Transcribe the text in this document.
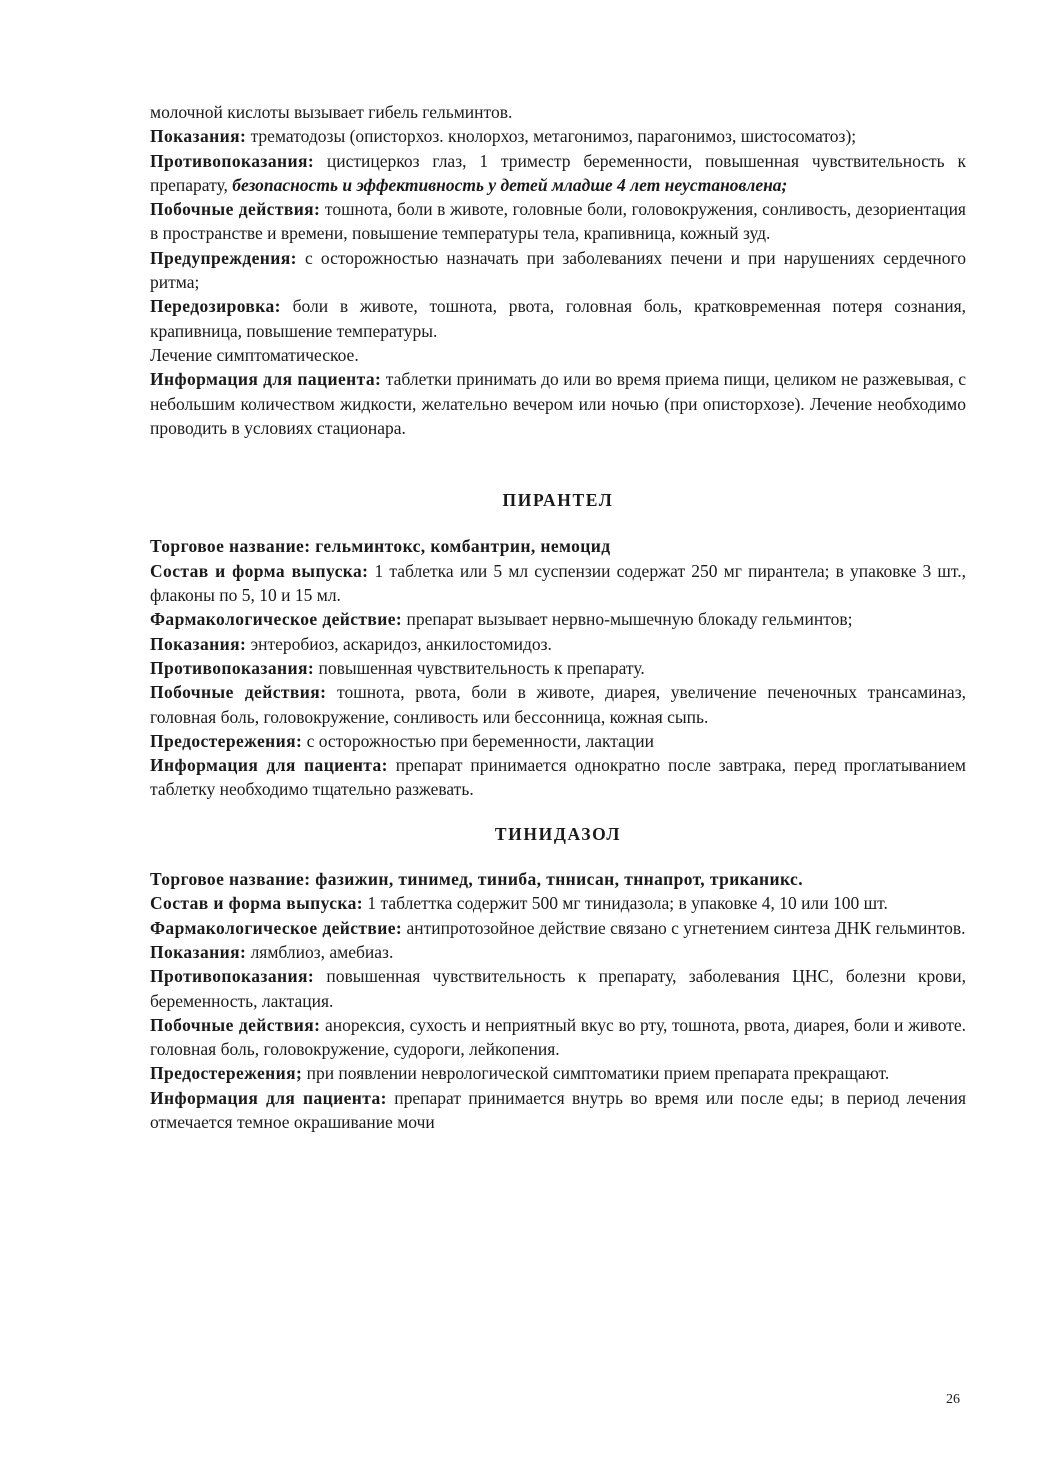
молочной кислоты вызывает гибель гельминтов.

Показания: трематодозы (описторхоз. кнолорхоз, метагонимоз, парагонимоз, шистосоматоз);

Противопоказания: цистицеркоз глаз, 1 триместр беременности, повышенная чувствительность к препарату, безопасность и эффективность у детей младше 4 лет неустановлена;

Побочные действия: тошнота, боли в животе, головные боли, головокружения, сонливость, дезориентация в пространстве и времени, повышение температуры тела, крапивница, кожный зуд.

Предупреждения: с осторожностью назначать при заболеваниях печени и при нарушениях сердечного ритма;

Передозировка: боли в животе, тошнота, рвота, головная боль, кратковременная потеря сознания, крапивница, повышение температуры.

Лечение симптоматическое.

Информация для пациента: таблетки принимать до или во время приема пищи, целиком не разжевывая, с небольшим количеством жидкости, желательно вечером или ночью (при описторхозе). Лечение необходимо проводить в условиях стационара.

ПИРАНТЕЛ

Торговое название: гельминтокс, комбантрин, немоцид

Состав и форма выпуска: 1 таблетка или 5 мл суспензии содержат 250 мг пирантела; в упаковке 3 шт., флаконы по 5, 10 и 15 мл.

Фармакологическое действие: препарат вызывает нервно-мышечную блокаду гельминтов;

Показания: энтеробиоз, аскаридоз, анкилостомидоз.

Противопоказания: повышенная чувствительность к препарату.

Побочные действия: тошнота, рвота, боли в животе, диарея, увеличение печеночных трансаминаз, головная боль, головокружение, сонливость или бессонница, кожная сыпь.

Предостережения: с осторожностью при беременности, лактации

Информация для пациента: препарат принимается однократно после завтрака, перед проглатыванием таблетку необходимо тщательно разжевать.

ТИНИДАЗОЛ

Торговое название: фазижин, тинимед, тиниба, тннисан, тннапрот, триканикс.

Состав и форма выпуска: 1 таблеттка содержит 500 мг тинидазола; в упаковке 4, 10 или 100 шт.

Фармакологическое действие: антипротозойное действие связано с угнетением синтеза ДНК гельминтов.

Показания: лямблиоз, амебиаз.

Противопоказания: повышенная чувствительность к препарату, заболевания ЦНС, болезни крови, беременность, лактация.

Побочные действия: анорексия, сухость и неприятный вкус во рту, тошнота, рвота, диарея, боли и животе. головная боль, головокружение, судороги, лейкопения.

Предостережения; при появлении неврологической симптоматики прием препарата прекращают.

Информация для пациента: препарат принимается внутрь во время или после еды; в период лечения отмечается темное окрашивание мочи

26
